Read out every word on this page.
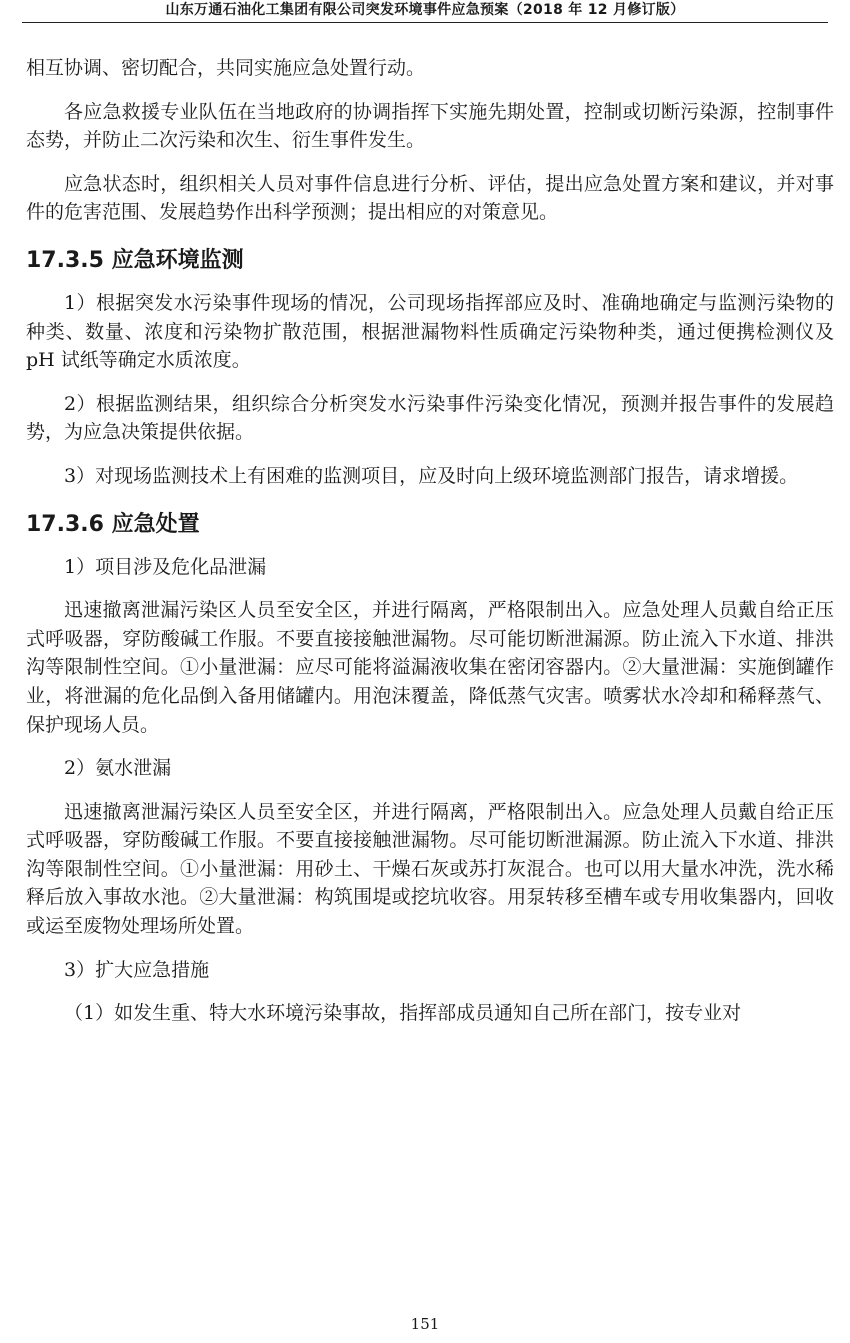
山东万通石油化工集团有限公司突发环境事件应急预案（2018 年 12 月修订版）

相互协调、密切配合，共同实施应急处置行动。

各应急救援专业队伍在当地政府的协调指挥下实施先期处置，控制或切断污染源，控制事件态势，并防止二次污染和次生、衍生事件发生。

应急状态时，组织相关人员对事件信息进行分析、评估，提出应急处置方案和建议，并对事件的危害范围、发展趋势作出科学预测；提出相应的对策意见。

17.3.5 应急环境监测

1）根据突发水污染事件现场的情况，公司现场指挥部应及时、准确地确定与监测污染物的种类、数量、浓度和污染物扩散范围，根据泄漏物料性质确定污染物种类，通过便携检测仪及 pH 试纸等确定水质浓度。

2）根据监测结果，组织综合分析突发水污染事件污染变化情况，预测并报告事件的发展趋势，为应急决策提供依据。

3）对现场监测技术上有困难的监测项目，应及时向上级环境监测部门报告，请求增援。

17.3.6 应急处置

1）项目涉及危化品泄漏

迅速撤离泄漏污染区人员至安全区，并进行隔离，严格限制出入。应急处理人员戴自给正压式呼吸器，穿防酸碱工作服。不要直接接触泄漏物。尽可能切断泄漏源。防止流入下水道、排洪沟等限制性空间。①小量泄漏：应尽可能将溢漏液收集在密闭容器内。②大量泄漏：实施倒罐作业，将泄漏的危化品倒入备用储罐内。用泡沫覆盖，降低蒸气灾害。喷雾状水冷却和稀释蒸气、保护现场人员。

2）氨水泄漏

迅速撤离泄漏污染区人员至安全区，并进行隔离，严格限制出入。应急处理人员戴自给正压式呼吸器，穿防酸碱工作服。不要直接接触泄漏物。尽可能切断泄漏源。防止流入下水道、排洪沟等限制性空间。①小量泄漏：用砂土、干燥石灰或苏打灰混合。也可以用大量水冲洗，洗水稀释后放入事故水池。②大量泄漏：构筑围堤或挖坑收容。用泵转移至槽车或专用收集器内，回收或运至废物处理场所处置。

3）扩大应急措施

（1）如发生重、特大水环境污染事故，指挥部成员通知自己所在部门，按专业对

151
